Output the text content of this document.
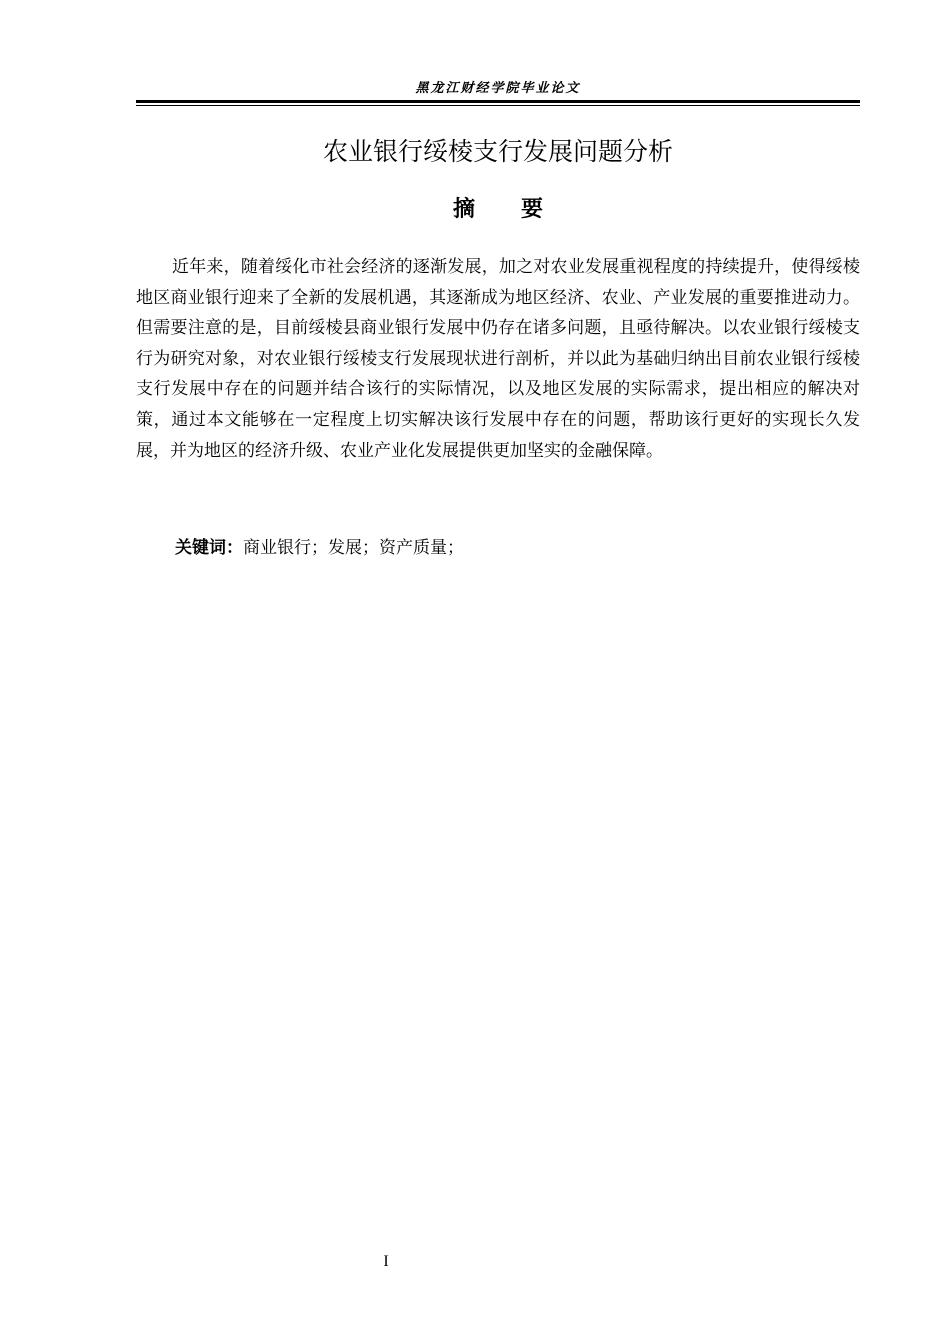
黑龙江财经学院毕业论文
农业银行绥棱支行发展问题分析
摘要

近年来，随着绥化市社会经济的逐渐发展，加之对农业发展重视程度的持续提升，使得绥棱地区商业银行迎来了全新的发展机遇，其逐渐成为地区经济、农业、产业发展的重要推进动力。但需要注意的是，目前绥棱县商业银行发展中仍存在诸多问题，且亟待解决。以农业银行绥棱支行为研究对象，对农业银行绥棱支行发展现状进行剖析，并以此为基础归纳出目前农业银行绥棱支行发展中存在的问题并结合该行的实际情况，以及地区发展的实际需求，提出相应的解决对策，通过本文能够在一定程度上切实解决该行发展中存在的问题，帮助该行更好的实现长久发展，并为地区的经济升级、农业产业化发展提供更加坚实的金融保障。

关键词：商业银行；发展；资产质量；
I
